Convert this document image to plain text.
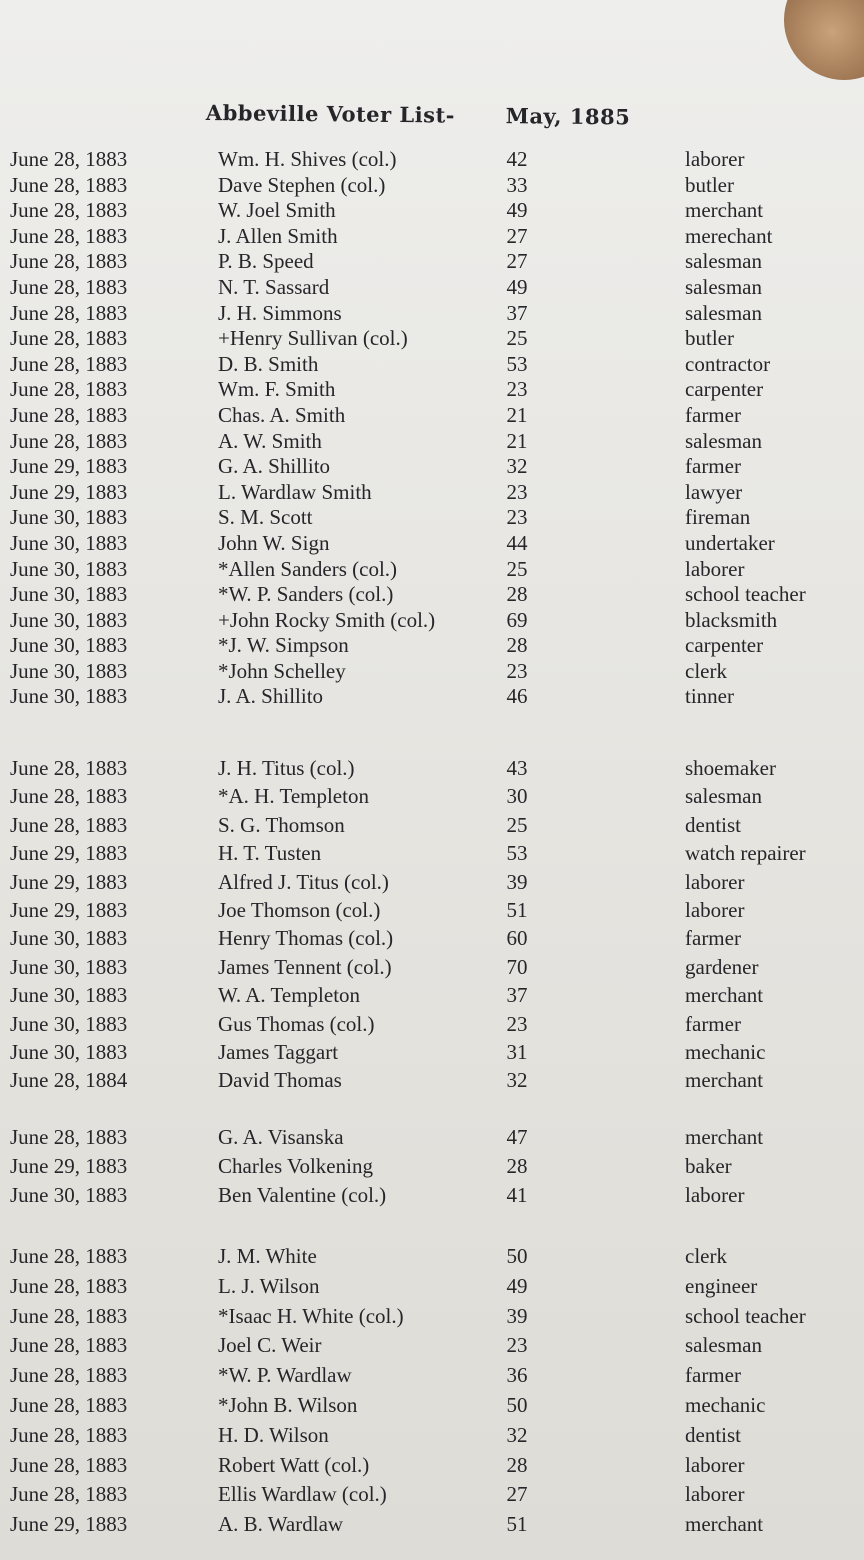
Abbeville Voter List- May, 1885
June 28, 1883	Wm. H. Shives (col.)	42	laborer
June 28, 1883	Dave Stephen (col.)	33	butler
June 28, 1883	W. Joel Smith	49	merchant
June 28, 1883	J. Allen Smith	27	merechant
June 28, 1883	P. B. Speed	27	salesman
June 28, 1883	N. T. Sassard	49	salesman
June 28, 1883	J. H. Simmons	37	salesman
June 28, 1883	+Henry Sullivan (col.)	25	butler
June 28, 1883	D. B. Smith	53	contractor
June 28, 1883	Wm. F. Smith	23	carpenter
June 28, 1883	Chas. A. Smith	21	farmer
June 28, 1883	A. W. Smith	21	salesman
June 29, 1883	G. A. Shillito	32	farmer
June 29, 1883	L. Wardlaw Smith	23	lawyer
June 30, 1883	S. M. Scott	23	fireman
June 30, 1883	John W. Sign	44	undertaker
June 30, 1883	*Allen Sanders (col.)	25	laborer
June 30, 1883	*W. P. Sanders (col.)	28	school teacher
June 30, 1883	+John Rocky Smith (col.)	69	blacksmith
June 30, 1883	*J. W. Simpson	28	carpenter
June 30, 1883	*John Schelley	23	clerk
June 30, 1883	J. A. Shillito	46	tinner
June 28, 1883	J. H. Titus (col.)	43	shoemaker
June 28, 1883	*A. H. Templeton	30	salesman
June 28, 1883	S. G. Thomson	25	dentist
June 29, 1883	H. T. Tusten	53	watch repairer
June 29, 1883	Alfred J. Titus (col.)	39	laborer
June 29, 1883	Joe Thomson (col.)	51	laborer
June 30, 1883	Henry Thomas (col.)	60	farmer
June 30, 1883	James Tennent (col.)	70	gardener
June 30, 1883	W. A. Templeton	37	merchant
June 30, 1883	Gus Thomas (col.)	23	farmer
June 30, 1883	James Taggart	31	mechanic
June 28, 1884	David Thomas	32	merchant
June 28, 1883	G. A. Visanska	47	merchant
June 29, 1883	Charles Volkening	28	baker
June 30, 1883	Ben Valentine (col.)	41	laborer
June 28, 1883	J. M. White	50	clerk
June 28, 1883	L. J. Wilson	49	engineer
June 28, 1883	*Isaac H. White (col.)	39	school teacher
June 28, 1883	Joel C. Weir	23	salesman
June 28, 1883	*W. P. Wardlaw	36	farmer
June 28, 1883	*John B. Wilson	50	mechanic
June 28, 1883	H. D. Wilson	32	dentist
June 28, 1883	Robert Watt (col.)	28	laborer
June 28, 1883	Ellis Wardlaw (col.)	27	laborer
June 29, 1883	A. B. Wardlaw	51	merchant
